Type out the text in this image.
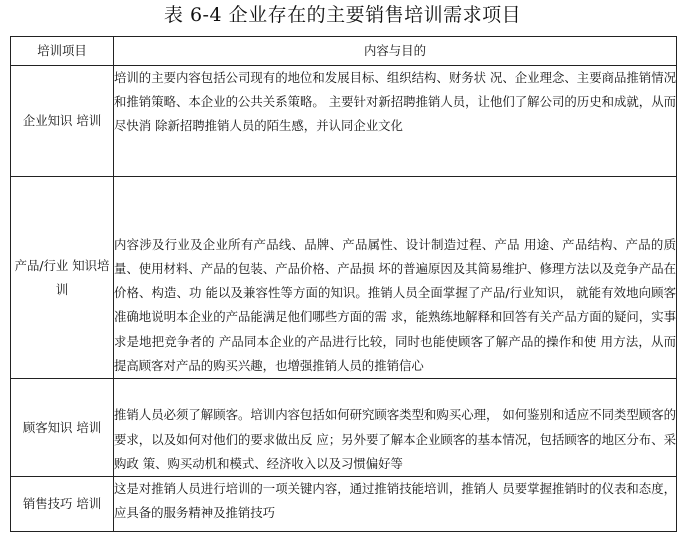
表 6-4 企业存在的主要销售培训需求项目
培训项目	内容与目的
企业知识 培训	培训的主要内容包括公司现有的地位和发展目标、组织结构、财务状 况、企业理念、主要商品推销情况和推销策略、本企业的公共关系策略。 主要针对新招聘推销人员，让他们了解公司的历史和成就，从而尽快消 除新招聘推销人员的陌生感，并认同企业文化
产品/行业 知识培训	内容涉及行业及企业所有产品线、品牌、产品属性、设计制造过程、产品 用途、产品结构、产品的质量、使用材料、产品的包装、产品价格、产品损 坏的普遍原因及其简易维护、修理方法以及竞争产品在价格、构造、功 能以及兼容性等方面的知识。推销人员全面掌握了产品/行业知识， 就能有效地向顾客准确地说明本企业的产品能满足他们哪些方面的需 求，能熟练地解释和回答有关产品方面的疑问，实事求是地把竞争者的 产品同本企业的产品进行比较，同时也能使顾客了解产品的操作和使 用方法，从而提高顾客对产品的购买兴趣，也增强推销人员的推销信心
顾客知识 培训	推销人员必须了解顾客。培训内容包括如何研究顾客类型和购买心理， 如何鉴别和适应不同类型顾客的要求，以及如何对他们的要求做出反 应；另外要了解本企业顾客的基本情况，包括顾客的地区分布、采购政 策、购买动机和模式、经济收入以及习惯偏好等
销售技巧 培训	这是对推销人员进行培训的一项关键内容，通过推销技能培训，推销人 员要掌握推销时的仪表和态度，应具备的服务精神及推销技巧
